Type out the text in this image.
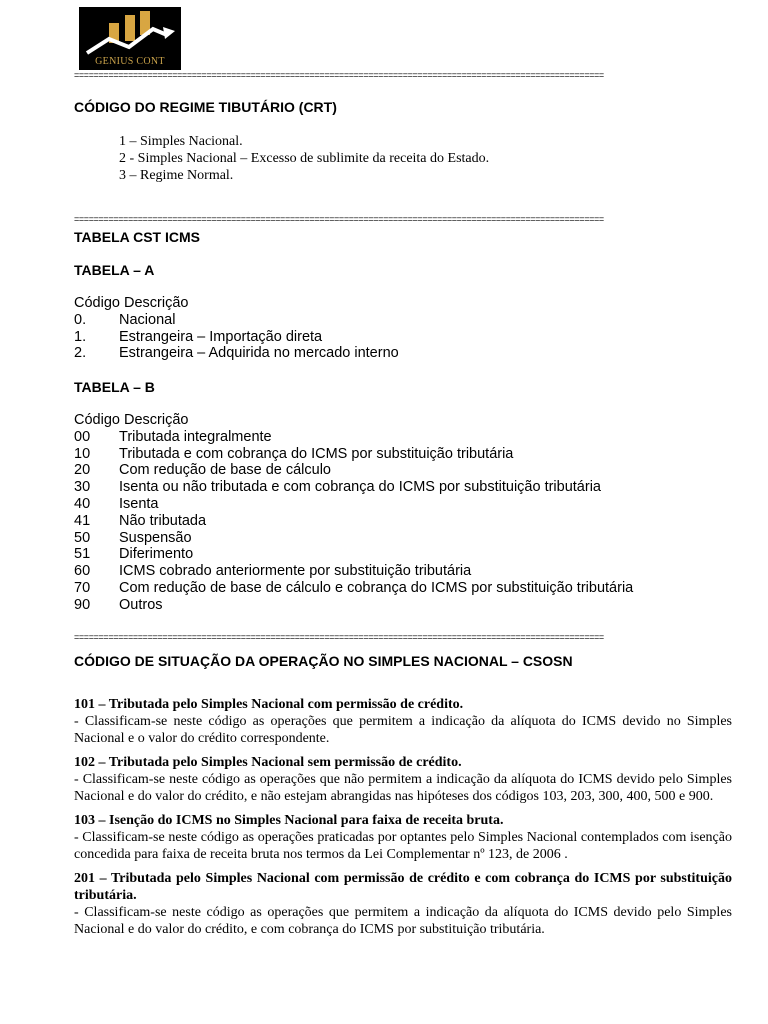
GENIUS CONT
=====
CÓDIGO DO REGIME TIBUTÁRIO (CRT)
1 – Simples Nacional.
2 - Simples Nacional – Excesso de sublimite da receita do Estado.
3 – Regime Normal.
=====
TABELA CST ICMS
TABELA – A
Código Descrição
0.	Nacional
1.	Estrangeira – Importação direta
2.	Estrangeira – Adquirida no mercado interno
TABELA – B
Código Descrição
00	Tributada integralmente
10	Tributada e com cobrança do ICMS por substituição tributária
20	Com redução de base de cálculo
30	Isenta ou não tributada e com cobrança do ICMS por substituição tributária
40	Isenta
41	Não tributada
50	Suspensão
51	Diferimento
60	ICMS cobrado anteriormente por substituição tributária
70	Com redução de base de cálculo e cobrança do ICMS por substituição tributária
90	Outros
=====
CÓDIGO DE SITUAÇÃO DA OPERAÇÃO NO SIMPLES NACIONAL – CSOSN
101 – Tributada pelo Simples Nacional com permissão de crédito.
- Classificam-se neste código as operações que permitem a indicação da alíquota do ICMS devido no Simples Nacional e o valor do crédito correspondente.
102 – Tributada pelo Simples Nacional sem permissão de crédito.
- Classificam-se neste código as operações que não permitem a indicação da alíquota do ICMS devido pelo Simples Nacional e do valor do crédito, e não estejam abrangidas nas hipóteses dos códigos 103, 203, 300, 400, 500 e 900.
103 – Isenção do ICMS no Simples Nacional para faixa de receita bruta.
- Classificam-se neste código as operações praticadas por optantes pelo Simples Nacional contemplados com isenção concedida para faixa de receita bruta nos termos da Lei Complementar nº 123, de 2006 .
201 – Tributada pelo Simples Nacional com permissão de crédito e com cobrança do ICMS por substituição tributária.
- Classificam-se neste código as operações que permitem a indicação da alíquota do ICMS devido pelo Simples Nacional e do valor do crédito, e com cobrança do ICMS por substituição tributária.
